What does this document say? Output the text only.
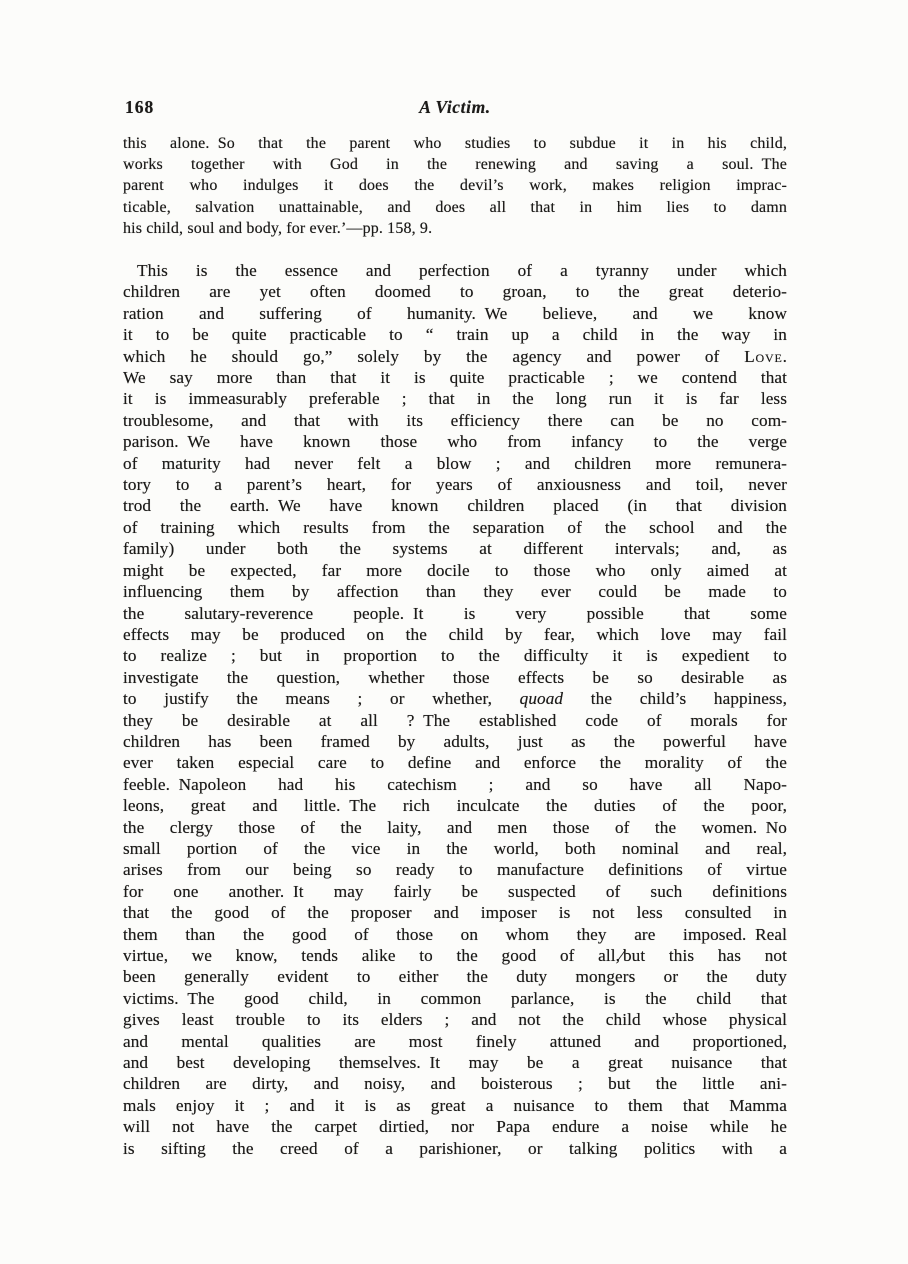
168	A Victim.
this alone. So that the parent who studies to subdue it in his child,
works together with God in the renewing and saving a soul. The
parent who indulges it does the devil’s work, makes religion imprac-
ticable, salvation unattainable, and does all that in him lies to damn
his child, soul and body, for ever.’—pp. 158, 9.
This is the essence and perfection of a tyranny under which
children are yet often doomed to groan, to the great deterio-
ration and suffering of humanity. We believe, and we know
it to be quite practicable to “ train up a child in the way in
which he should go,” solely by the agency and power of Love.
We say more than that it is quite practicable ; we contend that
it is immeasurably preferable ; that in the long run it is far less
troublesome, and that with its efficiency there can be no com-
parison. We have known those who from infancy to the verge
of maturity had never felt a blow ; and children more remunera-
tory to a parent’s heart, for years of anxiousness and toil, never
trod the earth. We have known children placed (in that division
of training which results from the separation of the school and the
family) under both the systems at different intervals; and, as
might be expected, far more docile to those who only aimed at
influencing them by affection than they ever could be made to
the salutary-reverence people. It is very possible that some
effects may be produced on the child by fear, which love may fail
to realize ; but in proportion to the difficulty it is expedient to
investigate the question, whether those effects be so desirable as
to justify the means ; or whether, quoad the child’s happiness,
they be desirable at all ? The established code of morals for
children has been framed by adults, just as the powerful have
ever taken especial care to define and enforce the morality of the
feeble. Napoleon had his catechism ; and so have all Napo-
leons, great and little. The rich inculcate the duties of the poor,
the clergy those of the laity, and men those of the women. No
small portion of the vice in the world, both nominal and real,
arises from our being so ready to manufacture definitions of virtue
for one another. It may fairly be suspected of such definitions
that the good of the proposer and imposer is not less consulted in
them than the good of those on whom they are imposed. Real
virtue, we know, tends alike to the good of all,⁄but this has not
been generally evident to either the duty mongers or the duty
victims. The good child, in common parlance, is the child that
gives least trouble to its elders ; and not the child whose physical
and mental qualities are most finely attuned and proportioned,
and best developing themselves. It may be a great nuisance that
children are dirty, and noisy, and boisterous ; but the little ani-
mals enjoy it ; and it is as great a nuisance to them that Mamma
will not have the carpet dirtied, nor Papa endure a noise while he
is sifting the creed of a parishioner, or talking politics with a
